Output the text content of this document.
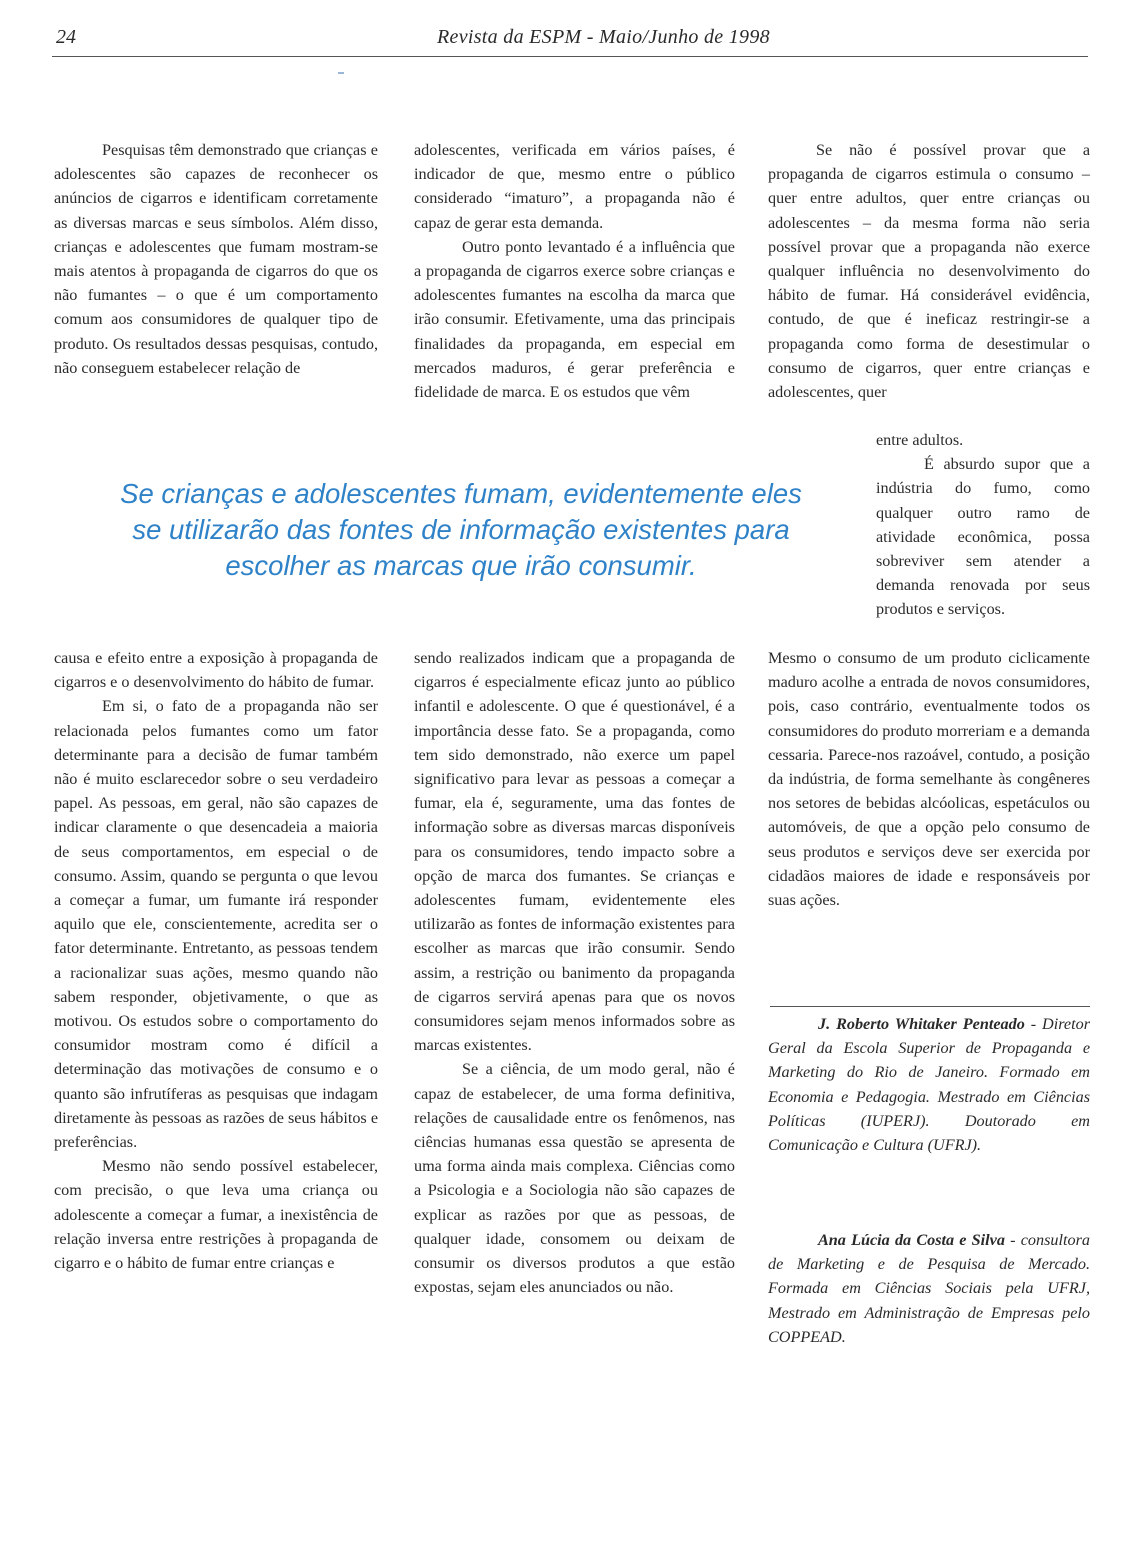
24	Revista da ESPM - Maio/Junho de 1998

Pesquisas têm demonstrado que crianças e adolescentes são capazes de reconhecer os anúncios de cigarros e identificam corretamente as diversas marcas e seus símbolos. Além disso, crianças e adolescentes que fumam mostram-se mais atentos à propaganda de cigarros do que os não fumantes – o que é um comportamento comum aos consumidores de qualquer tipo de produto. Os resultados dessas pesquisas, contudo, não conseguem estabelecer relação de

adolescentes, verificada em vários países, é indicador de que, mesmo entre o público considerado “imaturo”, a propaganda não é capaz de gerar esta demanda.

Outro ponto levantado é a influência que a propaganda de cigarros exerce sobre crianças e adolescentes fumantes na escolha da marca que irão consumir. Efetivamente, uma das principais finalidades da propaganda, em especial em mercados maduros, é gerar preferência e fidelidade de marca. E os estudos que vêm

Se não é possível provar que a propaganda de cigarros estimula o consumo – quer entre adultos, quer entre crianças ou adolescentes – da mesma forma não seria possível provar que a propaganda não exerce qualquer influência no desenvolvimento do hábito de fumar. Há considerável evidência, contudo, de que é ineficaz restringir-se a propaganda como forma de desestimular o consumo de cigarros, quer entre crianças e adolescentes, quer

entre adultos.

É absurdo supor que a indústria do fumo, como qualquer outro ramo de atividade econômica, possa sobreviver sem atender a demanda renovada por seus produtos e serviços.

Se crianças e adolescentes fumam, evidentemente eles
se utilizarão das fontes de informação existentes para
escolher as marcas que irão consumir.

causa e efeito entre a exposição à propaganda de cigarros e o desenvolvimento do hábito de fumar.

Em si, o fato de a propaganda não ser relacionada pelos fumantes como um fator determinante para a decisão de fumar também não é muito esclarecedor sobre o seu verdadeiro papel. As pessoas, em geral, não são capazes de indicar claramente o que desencadeia a maioria de seus comportamentos, em especial o de consumo. Assim, quando se pergunta o que levou a começar a fumar, um fumante irá responder aquilo que ele, conscientemente, acredita ser o fator determinante. Entretanto, as pessoas tendem a racionalizar suas ações, mesmo quando não sabem responder, objetivamente, o que as motivou. Os estudos sobre o comportamento do consumidor mostram como é difícil a determinação das motivações de consumo e o quanto são infrutíferas as pesquisas que indagam diretamente às pessoas as razões de seus hábitos e preferências.

Mesmo não sendo possível estabelecer, com precisão, o que leva uma criança ou adolescente a começar a fumar, a inexistência de relação inversa entre restrições à propaganda de cigarro e o hábito de fumar entre crianças e

sendo realizados indicam que a propaganda de cigarros é especialmente eficaz junto ao público infantil e adolescente. O que é questionável, é a importância desse fato. Se a propaganda, como tem sido demonstrado, não exerce um papel significativo para levar as pessoas a começar a fumar, ela é, seguramente, uma das fontes de informação sobre as diversas marcas disponíveis para os consumidores, tendo impacto sobre a opção de marca dos fumantes. Se crianças e adolescentes fumam, evidentemente eles utilizarão as fontes de informação existentes para escolher as marcas que irão consumir. Sendo assim, a restrição ou banimento da propaganda de cigarros servirá apenas para que os novos consumidores sejam menos informados sobre as marcas existentes.

Se a ciência, de um modo geral, não é capaz de estabelecer, de uma forma definitiva, relações de causalidade entre os fenômenos, nas ciências humanas essa questão se apresenta de uma forma ainda mais complexa. Ciências como a Psicologia e a Sociologia não são capazes de explicar as razões por que as pessoas, de qualquer idade, consomem ou deixam de consumir os diversos produtos a que estão expostas, sejam eles anunciados ou não.

Mesmo o consumo de um produto ciclicamente maduro acolhe a entrada de novos consumidores, pois, caso contrário, eventualmente todos os consumidores do produto morreriam e a demanda cessaria. Parece-nos razoável, contudo, a posição da indústria, de forma semelhante às congêneres nos setores de bebidas alcóolicas, espetáculos ou automóveis, de que a opção pelo consumo de seus produtos e serviços deve ser exercida por cidadãos maiores de idade e responsáveis por suas ações.

J. Roberto Whitaker Penteado - Diretor Geral da Escola Superior de Propaganda e Marketing do Rio de Janeiro. Formado em Economia e Pedagogia. Mestrado em Ciências Políticas (IUPERJ). Doutorado em Comunicação e Cultura (UFRJ).

Ana Lúcia da Costa e Silva - consultora de Marketing e de Pesquisa de Mercado. Formada em Ciências Sociais pela UFRJ, Mestrado em Administração de Empresas pelo COPPEAD.
